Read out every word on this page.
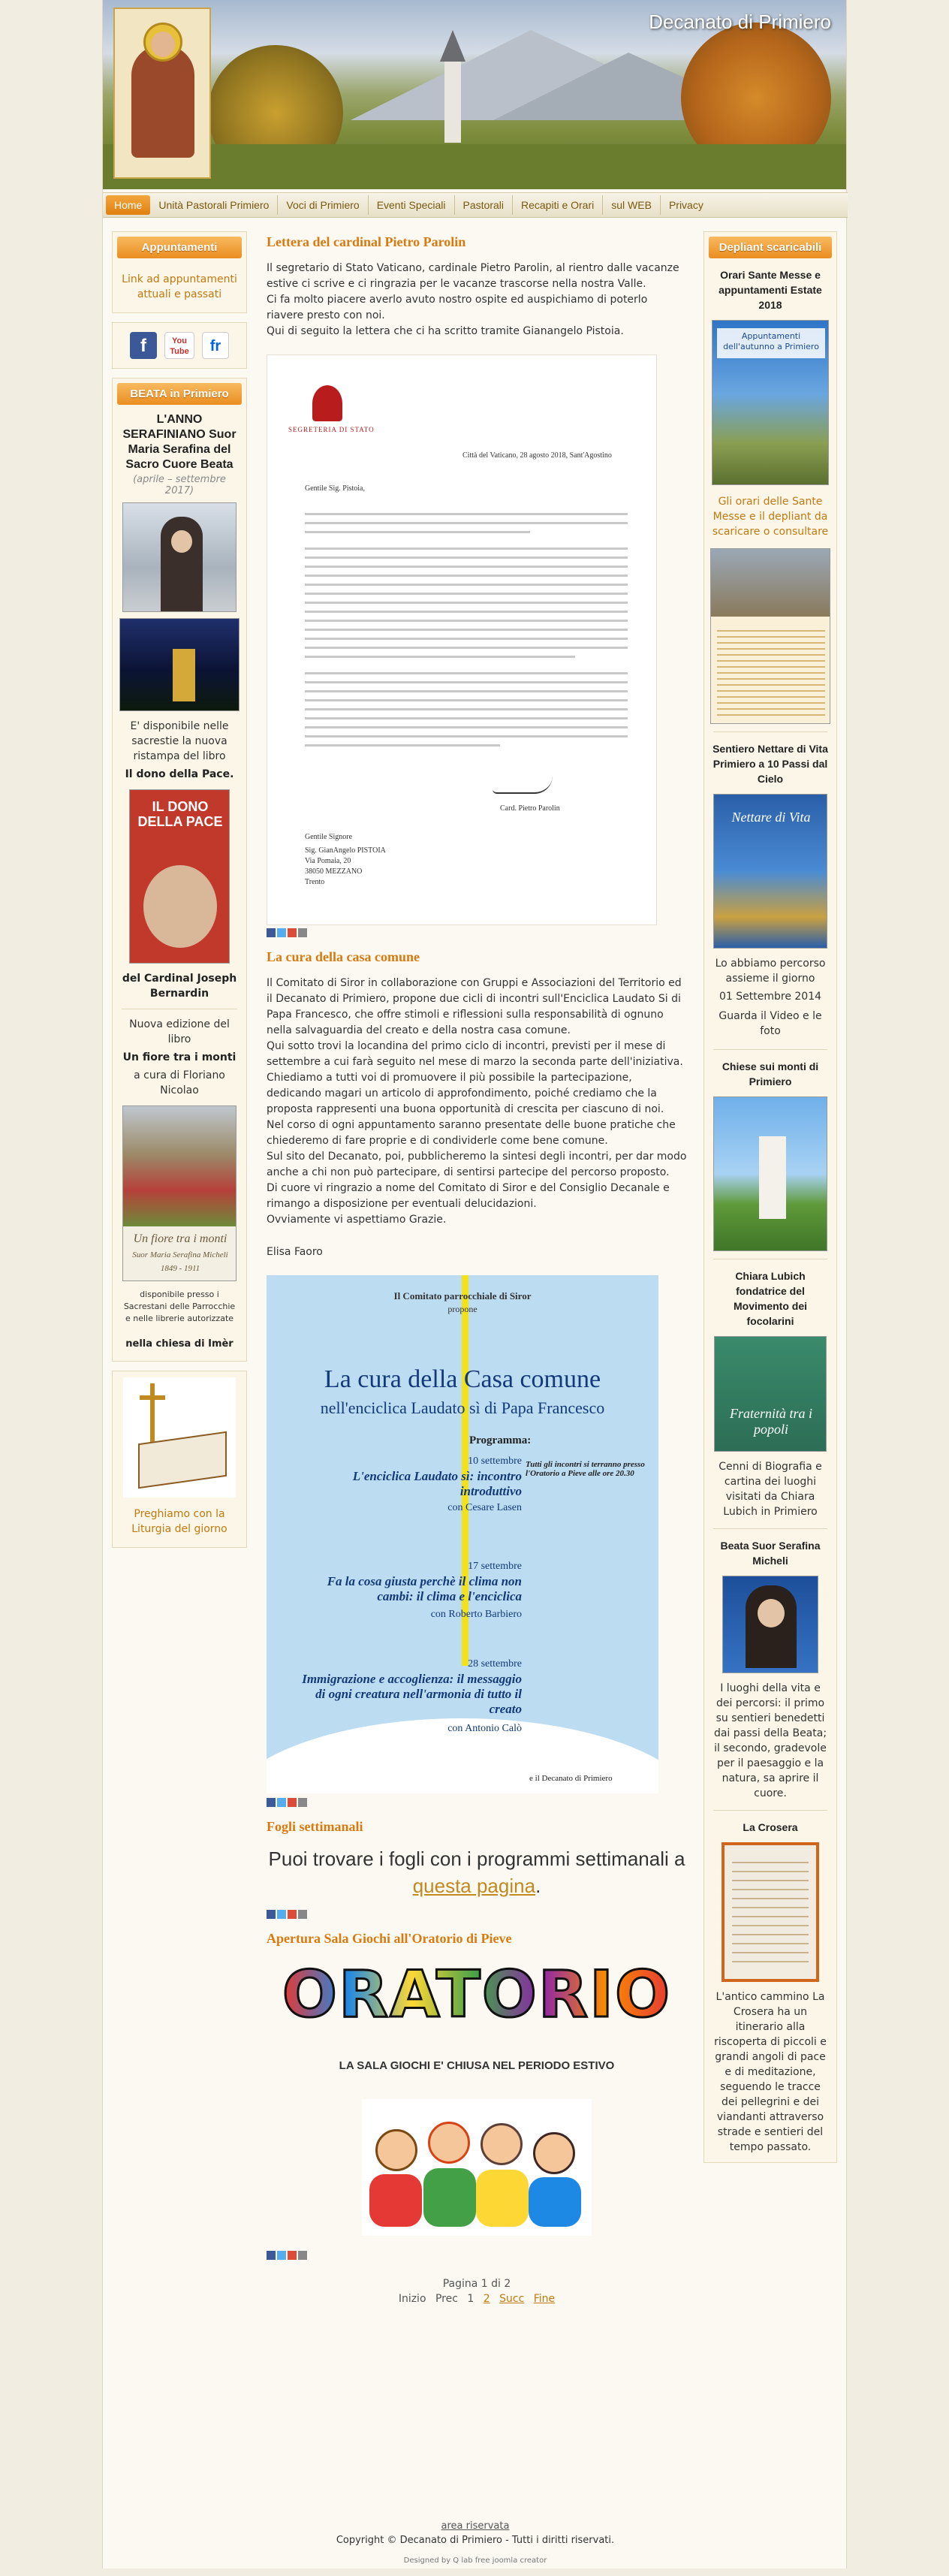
Decanato di Primiero
Home	Unità Pastorali Primiero	Voci di Primiero	Eventi Speciali	Pastorali	Recapiti e Orari	sul WEB	Privacy
Appuntamenti
Link ad appuntamenti attuali e passati
f	You Tube	fr
BEATA in Primiero
L'ANNO SERAFINIANO Suor Maria Serafina del Sacro Cuore Beata
(aprile – settembre 2017)
E' disponibile nelle sacrestie la nuova ristampa del libro
Il dono della Pace.
IL DONO DELLA PACE
del Cardinal Joseph Bernardin
Nuova edizione del libro
Un fiore tra i monti
a cura di Floriano Nicolao
Un fiore tra i monti
Suor Maria Serafina Micheli
1849 - 1911
disponibile presso i Sacrestani delle Parrocchie e nelle librerie autorizzate
nella chiesa di Imèr
Preghiamo con la Liturgia del giorno
Lettera del cardinal Pietro Parolin
Il segretario di Stato Vaticano, cardinale Pietro Parolin, al rientro dalle vacanze estive ci scrive e ci ringrazia per le vacanze trascorse nella nostra Valle.
Ci fa molto piacere averlo avuto nostro ospite ed auspichiamo di poterlo riavere presto con noi.
Qui di seguito la lettera che ci ha scritto tramite Gianangelo Pistoia.
SEGRETERIA DI STATO
Città del Vaticano, 28 agosto 2018, Sant'Agostino
Gentile Sig. Pistoia,
Card. Pietro Parolin
Gentile Signore
Sig. GianAngelo PISTOIA
Via Pomaia, 20
38050 MEZZANO
Trento
La cura della casa comune
Il Comitato di Siror in collaborazione con Gruppi e Associazioni del Territorio ed il Decanato di Primiero, propone due cicli di incontri sull'Enciclica Laudato Si di Papa Francesco, che offre stimoli e riflessioni sulla responsabilità di ognuno nella salvaguardia del creato e della nostra casa comune.
Qui sotto trovi la locandina del primo ciclo di incontri, previsti per il mese di settembre a cui farà seguito nel mese di marzo la seconda parte dell'iniziativa.
Chiediamo a tutti voi di promuovere il più possibile la partecipazione, dedicando magari un articolo di approfondimento, poiché crediamo che la proposta rappresenti una buona opportunità di crescita per ciascuno di noi.
Nel corso di ogni appuntamento saranno presentate delle buone pratiche che chiederemo di fare proprie e di condividerle come bene comune.
Sul sito del Decanato, poi, pubblicheremo la sintesi degli incontri, per dar modo anche a chi non può partecipare, di sentirsi partecipe del percorso proposto.
Di cuore vi ringrazio a nome del Comitato di Siror e del Consiglio Decanale e rimango a disposizione per eventuali delucidazioni.
Ovviamente vi aspettiamo Grazie.
Elisa Faoro
Il Comitato parrocchiale di Siror
propone
La cura della Casa comune
nell'enciclica Laudato sì di Papa Francesco
Programma:
Tutti gli incontri si terranno presso l'Oratorio a Pieve alle ore 20.30
10 settembre
L'enciclica Laudato sì: incontro introduttivo
con Cesare Lasen
17 settembre
Fa la cosa giusta perchè il clima non cambi: il clima e l'enciclica
con Roberto Barbiero
28 settembre
Immigrazione e accoglienza: il messaggio di ogni creatura nell'armonia di tutto il creato
con Antonio Calò
e il Decanato di Primiero
Fogli settimanali
Puoi trovare i fogli con i programmi settimanali a questa pagina.
Apertura Sala Giochi all'Oratorio di Pieve
ORATORIO
LA SALA GIOCHI E' CHIUSA NEL PERIODO ESTIVO
Pagina 1 di 2
Inizio Prec 1 2 Succ Fine
Depliant scaricabili
Orari Sante Messe e appuntamenti Estate 2018
Appuntamenti dell'autunno a Primiero
Gli orari delle Sante Messe e il depliant da scaricare o consultare
Sentiero Nettare di Vita Primiero a 10 Passi dal Cielo
Nettare di Vita
Lo abbiamo percorso assieme il giorno
01 Settembre 2014
Guarda il Video e le foto
Chiese sui monti di Primiero
Chiara Lubich fondatrice del Movimento dei focolarini
Fraternità tra i popoli
Cenni di Biografia e cartina dei luoghi visitati da Chiara Lubich in Primiero
Beata Suor Serafina Micheli
I luoghi della vita e dei percorsi: il primo su sentieri benedetti dai passi della Beata; il secondo, gradevole per il paesaggio e la natura, sa aprire il cuore.
La Crosera
L'antico cammino La Crosera ha un itinerario alla riscoperta di piccoli e grandi angoli di pace e di meditazione, seguendo le tracce dei pellegrini e dei viandanti attraverso strade e sentieri del tempo passato.
area riservata
Copyright © Decanato di Primiero - Tutti i diritti riservati.
Designed by Q lab free joomla creator
